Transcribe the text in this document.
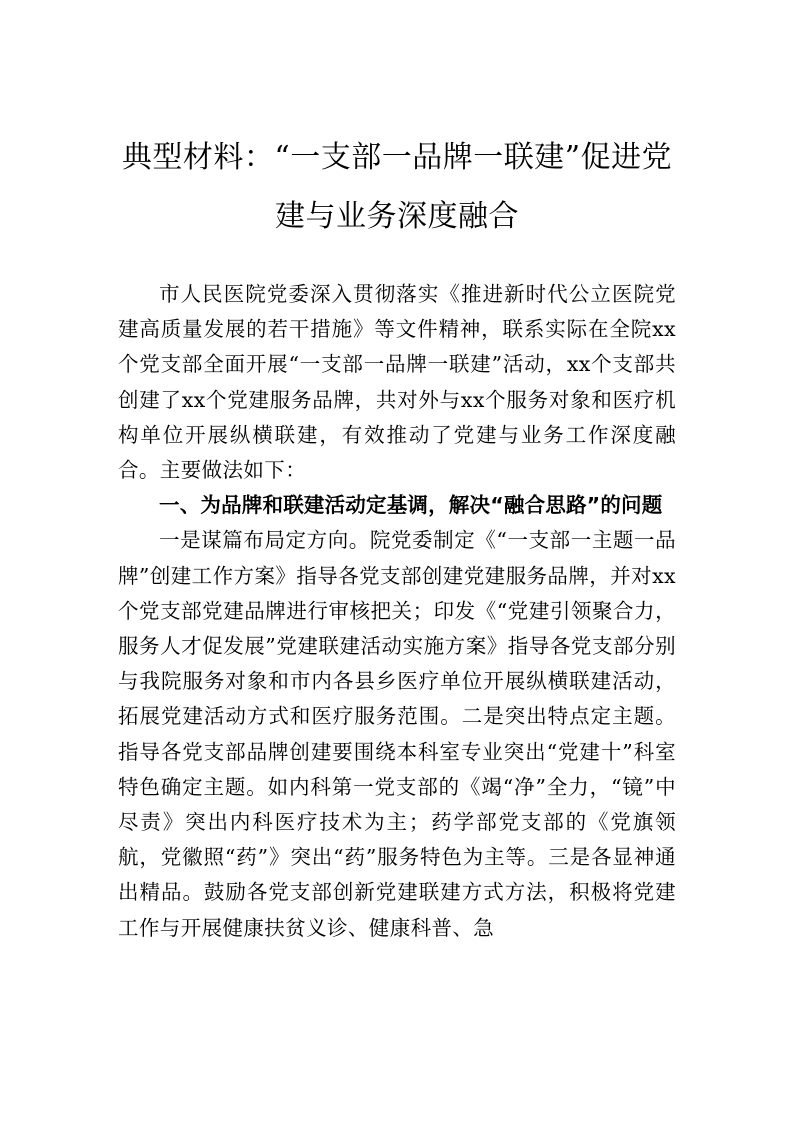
典型材料：“一支部一品牌一联建”促进党建与业务深度融合

市人民医院党委深入贯彻落实《推进新时代公立医院党建高质量发展的若干措施》等文件精神，联系实际在全院xx个党支部全面开展“一支部一品牌一联建”活动，xx个支部共创建了xx个党建服务品牌，共对外与xx个服务对象和医疗机构单位开展纵横联建，有效推动了党建与业务工作深度融合。主要做法如下：

一、为品牌和联建活动定基调，解决“融合思路”的问题

一是谋篇布局定方向。院党委制定《“一支部一主题一品牌”创建工作方案》指导各党支部创建党建服务品牌，并对xx个党支部党建品牌进行审核把关；印发《“党建引领聚合力，服务人才促发展”党建联建活动实施方案》指导各党支部分别与我院服务对象和市内各县乡医疗单位开展纵横联建活动，拓展党建活动方式和医疗服务范围。二是突出特点定主题。指导各党支部品牌创建要围绕本科室专业突出“党建十”科室特色确定主题。如内科第一党支部的《竭“净”全力，“镜”中尽责》突出内科医疗技术为主；药学部党支部的《党旗领航，党徽照“药”》突出“药”服务特色为主等。三是各显神通出精品。鼓励各党支部创新党建联建方式方法，积极将党建工作与开展健康扶贫义诊、健康科普、急
